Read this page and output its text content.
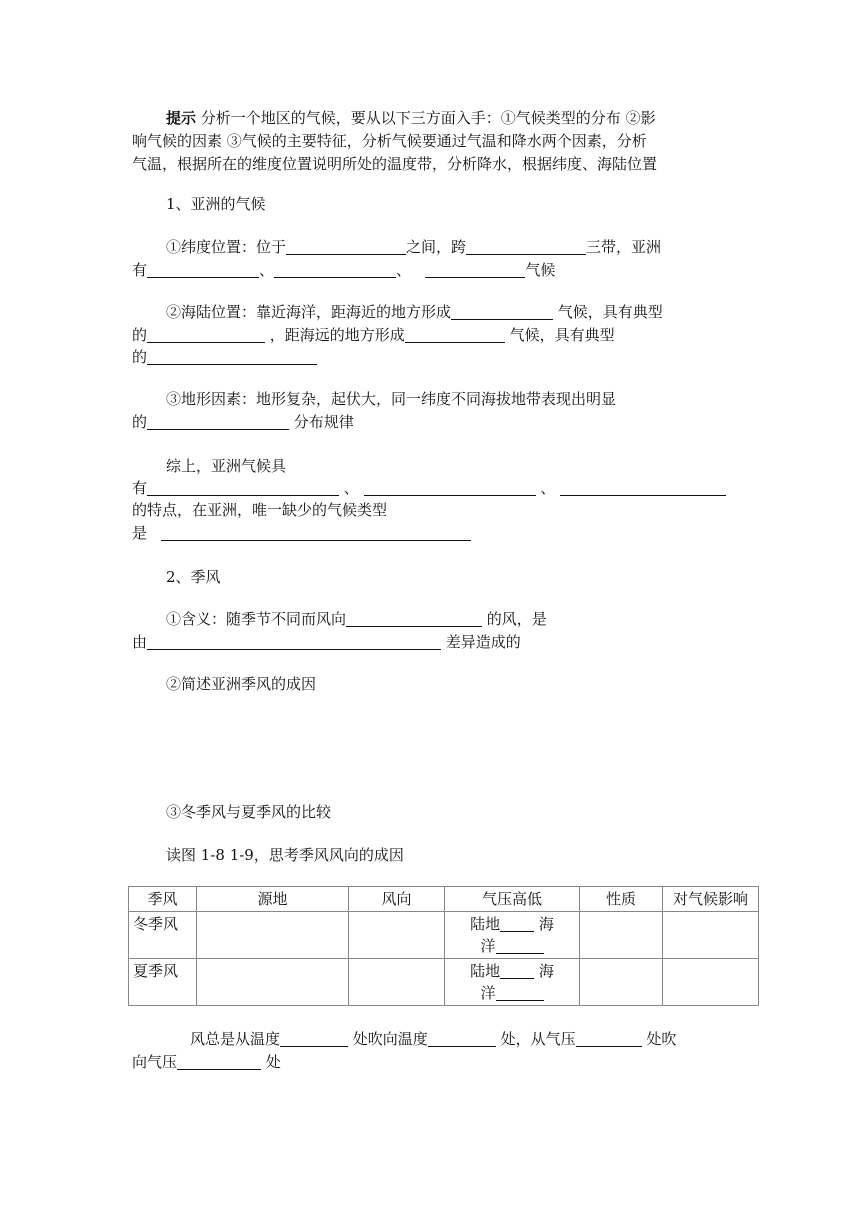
提示 分析一个地区的气候，要从以下三方面入手：①气候类型的分布 ②影
响气候的因素 ③气候的主要特征，分析气候要通过气温和降水两个因素，分析
气温，根据所在的维度位置说明所处的温度带，分析降水，根据纬度、海陆位置
1、亚洲的气候
①纬度位置：位于	之间，跨	三带，亚洲
有	、	、	气候
②海陆位置：靠近海洋，距海近的地方形成	气候，具有典型
的	，距海远的地方形成	气候，具有典型
的
③地形因素：地形复杂，起伏大，同一纬度不同海拔地带表现出明显
的	分布规律
综上，亚洲气候具
有	、	、
的特点，在亚洲，唯一缺少的气候类型
是
2、季风
①含义：随季节不同而风向	的风，是
由	差异造成的
②简述亚洲季风的成因
③冬季风与夏季风的比较
读图 1-8 1-9，思考季风风向的成因
季风	源地	风向	气压高低	性质	对气候影响
冬季风			陆地 海
洋		
夏季风			陆地 海
洋		
风总是从温度	处吹向温度	处，从气压	处吹
向气压	处
